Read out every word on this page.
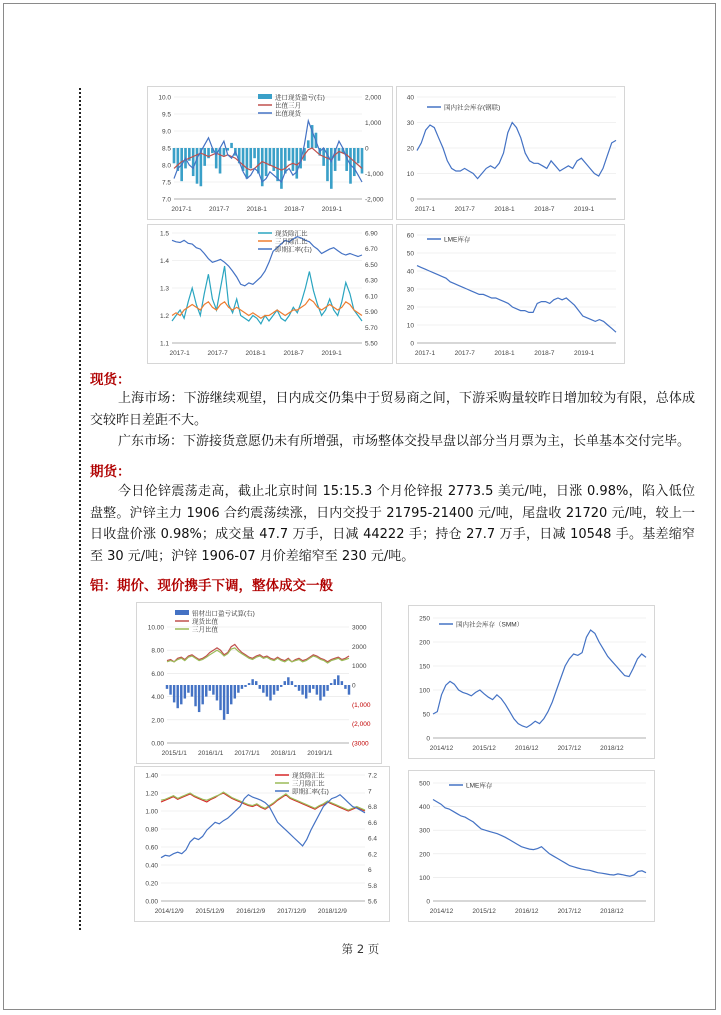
10.0
9.5
9.0
8.5
8.0
7.5
7.0
2,000
1,000
0
-1,000
-2,000
2017-1	2017-7	2018-1	2018-7	2019-1
进口现货盈亏(右)
比值三月
比值现货
40
30
20
10
0
2017-1	2017-7	2018-1	2018-7	2019-1
国内社会库存(钢联)
1.5
1.4
1.3
1.2
1.1
6.90
6.70
6.50
6.30
6.10
5.90
5.70
5.50
2017-1	2017-7	2018-1	2018-7	2019-1
现货除汇比
三月除汇比
即期汇率(右)
60
50
40
30
20
10
0
2017-1	2017-7	2018-1	2018-7	2019-1
LME库存
现货：
上海市场：下游继续观望，日内成交仍集中于贸易商之间，下游采购量较昨日增加较为有限，总体成交较昨日差距不大。
广东市场：下游接货意愿仍未有所增强，市场整体交投早盘以部分当月票为主，长单基本交付完毕。
期货：
今日伦锌震荡走高，截止北京时间 15:15.3 个月伦锌报 2773.5 美元/吨，日涨 0.98%，陷入低位盘整。沪锌主力 1906 合约震荡续涨，日内交投于 21795-21400 元/吨，尾盘收 21720 元/吨，较上一日收盘价涨 0.98%；成交量 47.7 万手，日减 44222 手；持仓 27.7 万手，日减 10548 手。基差缩窄至 30 元/吨；沪锌 1906-07 月价差缩窄至 230 元/吨。
铝：期价、现价携手下调，整体成交一般
10.00
8.00
6.00
4.00
2.00
0.00
3000
2000
1000
0
(1,000
(2,000
(3000
2015/1/1 2016/1/1 2017/1/1 2018/1/1 2019/1/1
铝材出口盈亏试算(右)
现货比值
三月比值
250
200
150
100
50
0
2014/12	2015/12	2016/12	2017/12	2018/12
国内社会库存（SMM）
1.40
1.20
1.00
0.80
0.60
0.40
0.20
0.00
7.2
7
6.8
6.6
6.4
6.2
6
5.8
5.6
2014/12/9 2015/12/9 2016/12/9 2017/12/9 2018/12/9
现货除汇比
三月除汇比
即期汇率(右)
500
400
300
200
100
0
2014/12	2015/12	2016/12	2017/12	2018/12
LME库存
第 2 页
